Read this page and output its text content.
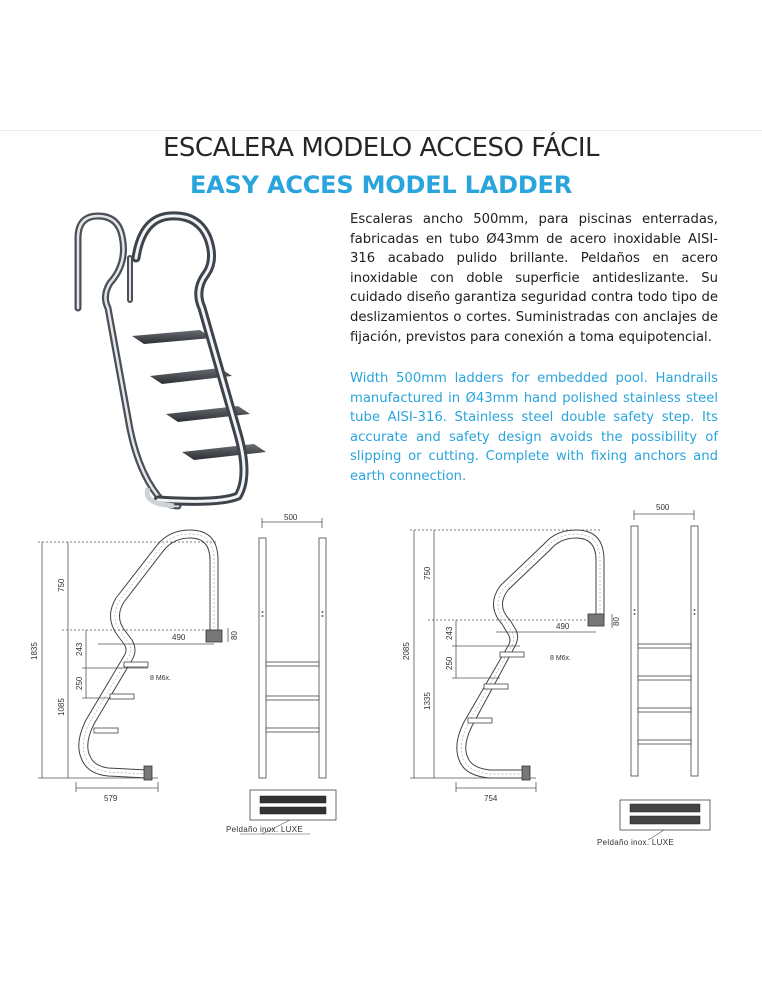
ESCALERA MODELO ACCESO FÁCIL
EASY ACCES MODEL LADDER
Escaleras ancho 500mm, para piscinas enterradas, fabricadas en tubo Ø43mm de acero inoxidable AISI-316 acabado pulido brillante. Peldaños en acero inoxidable con doble superficie antideslizante. Su cuidado diseño garantiza seguridad contra todo tipo de deslizamientos o cortes. Suministradas con anclajes de fijación, previstos para conexión a toma equipotencial.
Width 500mm ladders for embedded pool. Handrails manufactured in Ø43mm hand polished stainless steel tube AISI-316. Stainless steel double safety step. Its accurate and safety design avoids the possibility of slipping or cutting. Complete with fixing anchors and earth connection.
1835
750
1085
243
250
80
490
8 M6x.
579
500
Peldaño inox. LUXE
2085
750
1335
243
250
80
490
8 M6x.
754
500
Peldaño inox. LUXE
